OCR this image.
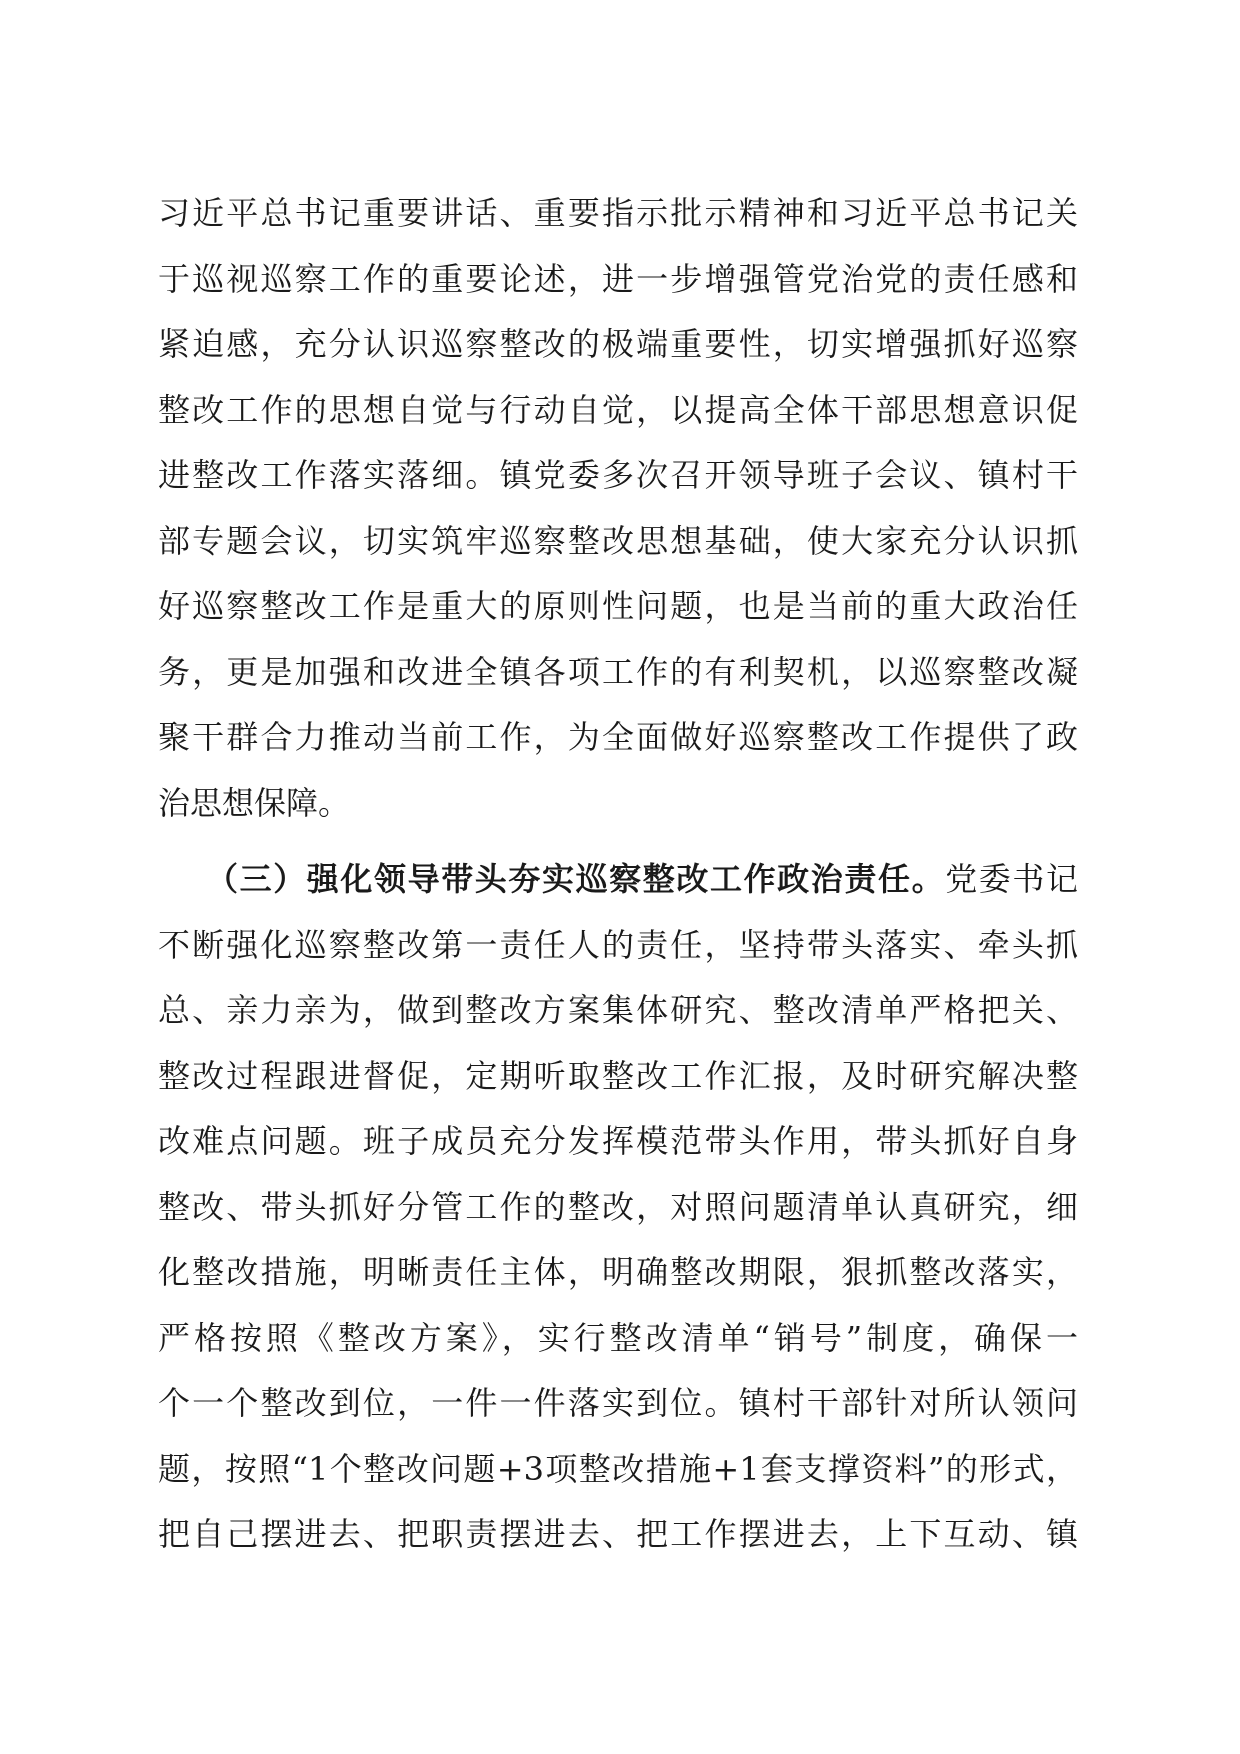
习近平总书记重要讲话、重要指示批示精神和习近平总书记关
于巡视巡察工作的重要论述，进一步增强管党治党的责任感和
紧迫感，充分认识巡察整改的极端重要性，切实增强抓好巡察
整改工作的思想自觉与行动自觉，以提高全体干部思想意识促
进整改工作落实落细。镇党委多次召开领导班子会议、镇村干
部专题会议，切实筑牢巡察整改思想基础，使大家充分认识抓
好巡察整改工作是重大的原则性问题，也是当前的重大政治任
务，更是加强和改进全镇各项工作的有利契机，以巡察整改凝
聚干群合力推动当前工作，为全面做好巡察整改工作提供了政
治思想保障。
（三）强化领导带头夯实巡察整改工作政治责任。党委书记
不断强化巡察整改第一责任人的责任，坚持带头落实、牵头抓
总、亲力亲为，做到整改方案集体研究、整改清单严格把关、
整改过程跟进督促，定期听取整改工作汇报，及时研究解决整
改难点问题。班子成员充分发挥模范带头作用，带头抓好自身
整改、带头抓好分管工作的整改，对照问题清单认真研究，细
化整改措施，明晰责任主体，明确整改期限，狠抓整改落实，
严格按照《整改方案》，实行整改清单“销号”制度，确保一
个一个整改到位，一件一件落实到位。镇村干部针对所认领问
题，按照“1个整改问题+3项整改措施+1套支撑资料”的形式，
把自己摆进去、把职责摆进去、把工作摆进去，上下互动、镇
